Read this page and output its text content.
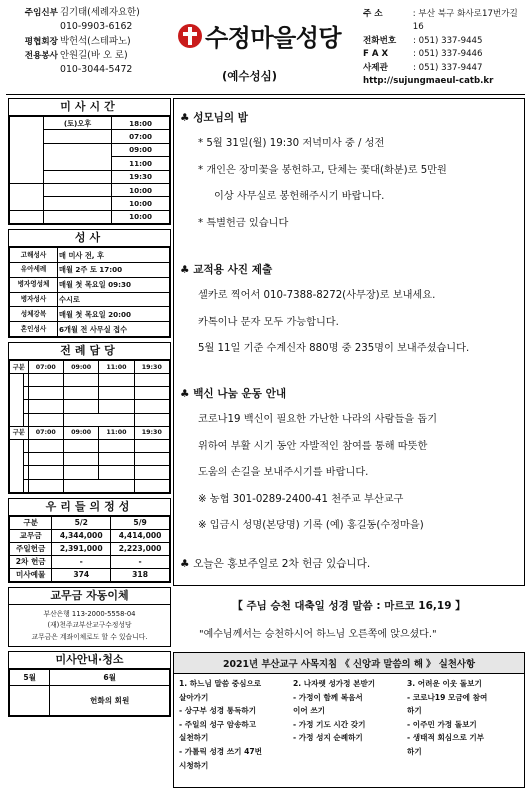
주임신부 김기태(세례자요한)
010-9903-6162
평협회장 박헌석(스테파노)
전용봉사 안원길(바 오 로)
010-3044-5472
수정마을성당
(예수성심)
주 소	: 부산 북구 화사로17번가길 16
전화번호	: 051) 337-9445
F A X	: 051) 337-9446
사제관	: 051) 337-9447
http://sujungmaeul-catb.kr
미사시간
	(토)오후	18:00
		07:00
		09:00
		11:00
		19:30
		10:00
		10:00
		10:00
성사
고해성사	매 미사 전, 후
유아세례	매월 2주 토 17:00
병자영성체	매월 첫 목요일 09:30
병자성사	수시로
성체강복	매월 첫 목요일 20:00
혼인성사	6개월 전 사무실 접수
전례담당
구분		07:00	09:00	11:00	19:30

구분		07:00	09:00	11:00	19:30

우리들의정성
구분	5/2	5/9
교무금	4,344,000	4,414,000
주일헌금	2,391,000	2,223,000
2차 헌금	-	-
미사예물	374	318
교무금 자동이체
부산은행 113-2000-5558-04
(재)천주교부산교구수정성당
교무금은 계좌이체로도 할 수 있습니다.
미사안내·청소
5월	6월
	헌화의 회원
♣ 성모님의 밤
* 5월 31일(월) 19:30 저녁미사 중 / 성전
* 개인은 장미꽃을 봉헌하고, 단체는 꽃대(화분)로 5만원
이상 사무실로 봉헌해주시기 바랍니다.
* 특별헌금 있습니다
♣ 교적용 사진 제출
셀카로 찍어서 010-7388-8272(사무장)로 보내세요.
카톡이나 문자 모두 가능합니다.
5월 11일 기준 수계신자 880명 중 235명이 보내주셨습니다.
♣ 백신 나눔 운동 안내
코로나19 백신이 필요한 가난한 나라의 사람들을 돕기
위하여 부활 시기 동안 자발적인 참여를 통해 따뜻한
도움의 손길을 보내주시기를 바랍니다.
※ 농협 301-0289-2400-41 천주교 부산교구
※ 입금시 성명(본당명) 기록 (예) 홍길동(수정마을)
♣ 오늘은 홍보주일로 2차 헌금 있습니다.
【 주님 승천 대축일 성경 말씀 : 마르코 16,19 】
"예수님께서는 승천하시어 하느님 오른쪽에 앉으셨다."
2021년 부산교구 사목지침 《 신앙과 말씀의 해 》 실천사항
1. 하느님 말씀 중심으로
살아가기
- 상구부 성경 통독하기
- 주일의 성구 암송하고
실천하기
- 가톨릭 성경 쓰기 47번
시청하기
2. 나자렛 성가정 본받기
- 가정이 함께 복음서
이어 쓰기
- 가정 기도 시간 갖기
- 가정 성지 순례하기
3. 어려운 이웃 돌보기
- 코로나19 모금에 참여
하기
- 이주민 가정 돌보기
- 생태적 회심으로 기부
하기
